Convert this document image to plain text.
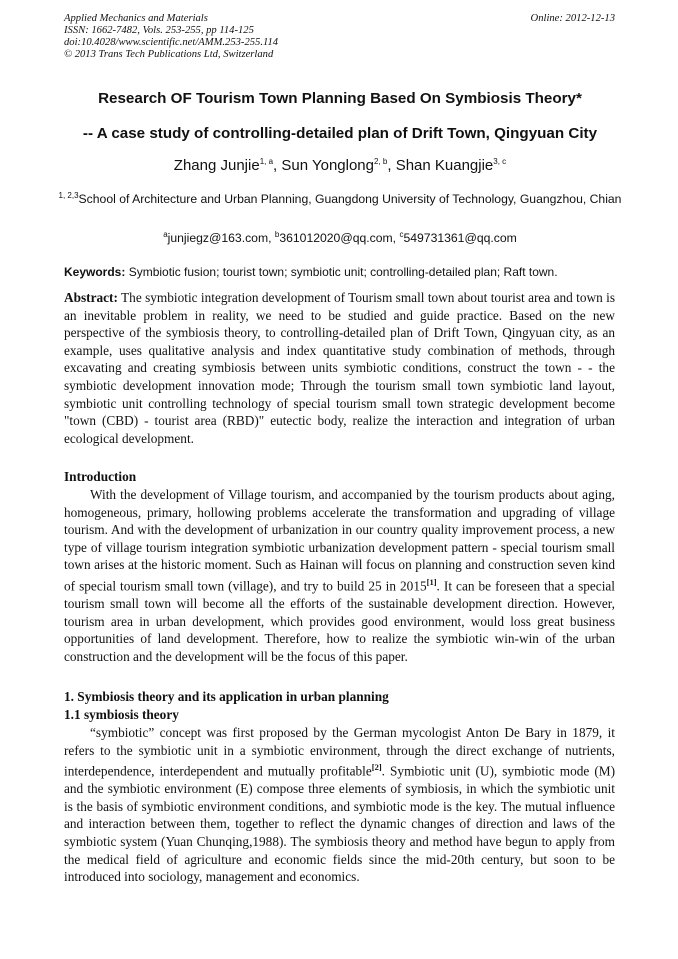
Applied Mechanics and Materials
ISSN: 1662-7482, Vols. 253-255, pp 114-125
doi:10.4028/www.scientific.net/AMM.253-255.114
© 2013 Trans Tech Publications Ltd, Switzerland
Online: 2012-12-13
Research OF Tourism Town Planning Based On Symbiosis Theory*
-- A case study of controlling-detailed plan of Drift Town, Qingyuan City
Zhang Junjie$^{1, a}$, Sun Yonglong$^{2, b}$, Shan Kuangjie$^{3, c}$
$^{1, 2,3}$School of Architecture and Urban Planning, Guangdong University of Technology, Guangzhou, Chian
$^a$junjiegz@163.com, $^b$361012020@qq.com, $^c$549731361@qq.com
Keywords: Symbiotic fusion; tourist town; symbiotic unit; controlling-detailed plan; Raft town.
Abstract: The symbiotic integration development of Tourism small town about tourist area and town is an inevitable problem in reality, we need to be studied and guide practice. Based on the new perspective of the symbiosis theory, to controlling-detailed plan of Drift Town, Qingyuan city, as an example, uses qualitative analysis and index quantitative study combination of methods, through excavating and creating symbiosis between units symbiotic conditions, construct the town - - the symbiotic development innovation mode; Through the tourism small town symbiotic land layout, symbiotic unit controlling technology of special tourism small town strategic development become "town (CBD) - tourist area (RBD)" eutectic body, realize the interaction and integration of urban ecological development.
Introduction
With the development of Village tourism, and accompanied by the tourism products about aging, homogeneous, primary, hollowing problems accelerate the transformation and upgrading of village tourism. And with the development of urbanization in our country quality improvement process, a new type of village tourism integration symbiotic urbanization development pattern - special tourism small town arises at the historic moment. Such as Hainan will focus on planning and construction seven kind of special tourism small town (village), and try to build 25 in 2015[1]. It can be foreseen that a special tourism small town will become all the efforts of the sustainable development direction. However, tourism area in urban development, which provides good environment, would loss great business opportunities of land development. Therefore, how to realize the symbiotic win-win of the urban construction and the development will be the focus of this paper.
1. Symbiosis theory and its application in urban planning
1.1 symbiosis theory
“symbiotic” concept was first proposed by the German mycologist Anton De Bary in 1879, it refers to the symbiotic unit in a symbiotic environment, through the direct exchange of nutrients, interdependence, interdependent and mutually profitable[2]. Symbiotic unit (U), symbiotic mode (M) and the symbiotic environment (E) compose three elements of symbiosis, in which the symbiotic unit is the basis of symbiotic environment conditions, and symbiotic mode is the key. The mutual influence and interaction between them, together to reflect the dynamic changes of direction and laws of the symbiotic system (Yuan Chunqing,1988). The symbiosis theory and method have begun to apply from the medical field of agriculture and economic fields since the mid-20th century, but soon to be introduced into sociology, management and economics.
